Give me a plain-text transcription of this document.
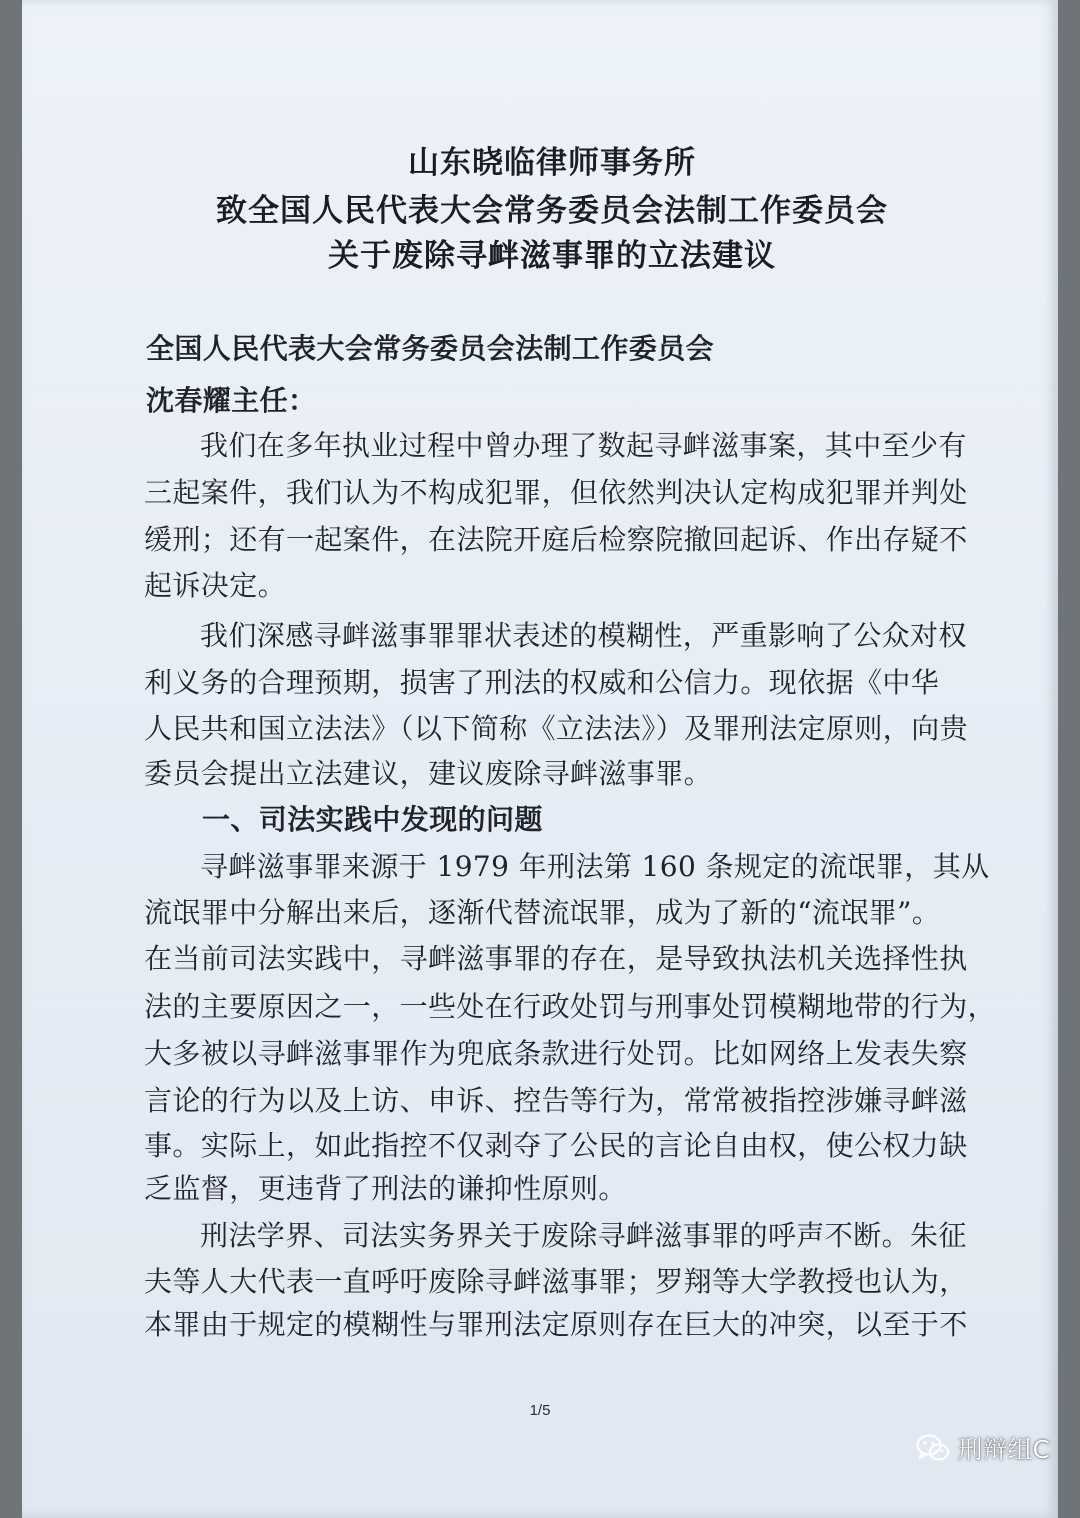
山东晓临律师事务所
致全国人民代表大会常务委员会法制工作委员会
关于废除寻衅滋事罪的立法建议
全国人民代表大会常务委员会法制工作委员会
沈春耀主任：
我们在多年执业过程中曾办理了数起寻衅滋事案，其中至少有
三起案件，我们认为不构成犯罪，但依然判决认定构成犯罪并判处
缓刑；还有一起案件，在法院开庭后检察院撤回起诉、作出存疑不
起诉决定。
我们深感寻衅滋事罪罪状表述的模糊性，严重影响了公众对权
利义务的合理预期，损害了刑法的权威和公信力。现依据《中华
人民共和国立法法》（以下简称《立法法》）及罪刑法定原则，向贵
委员会提出立法建议，建议废除寻衅滋事罪。
一、司法实践中发现的问题
寻衅滋事罪来源于 1979 年刑法第 160 条规定的流氓罪，其从
流氓罪中分解出来后，逐渐代替流氓罪，成为了新的“流氓罪”。
在当前司法实践中，寻衅滋事罪的存在，是导致执法机关选择性执
法的主要原因之一，一些处在行政处罚与刑事处罚模糊地带的行为，
大多被以寻衅滋事罪作为兜底条款进行处罚。比如网络上发表失察
言论的行为以及上访、申诉、控告等行为，常常被指控涉嫌寻衅滋
事。实际上，如此指控不仅剥夺了公民的言论自由权，使公权力缺
乏监督，更违背了刑法的谦抑性原则。
刑法学界、司法实务界关于废除寻衅滋事罪的呼声不断。朱征
夫等人大代表一直呼吁废除寻衅滋事罪；罗翔等大学教授也认为，
本罪由于规定的模糊性与罪刑法定原则存在巨大的冲突，以至于不
1/5
刑辩组C
